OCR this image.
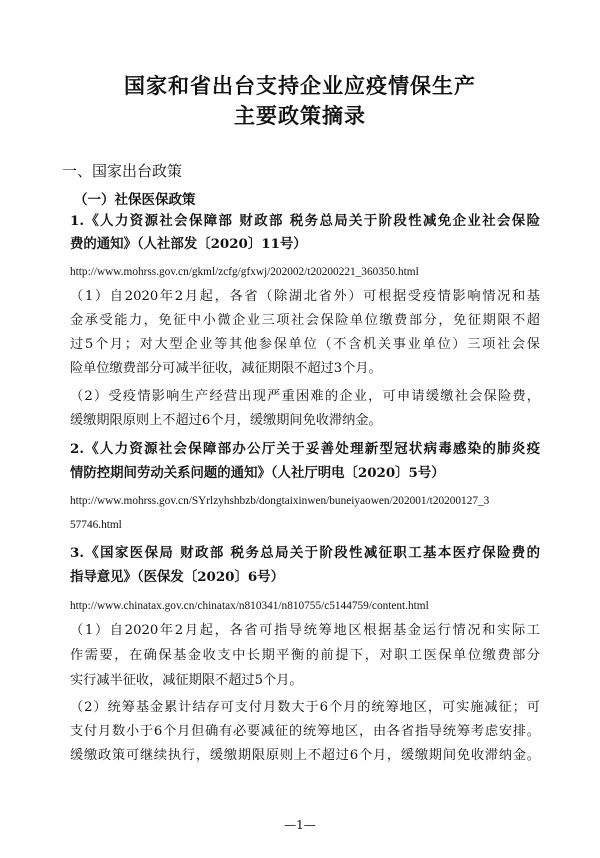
国家和省出台支持企业应疫情保生产
主要政策摘录
一、国家出台政策
（一）社保医保政策
1.《人力资源社会保障部 财政部 税务总局关于阶段性减免企业社会保险
费的通知》（人社部发〔2020〕11号）
http://www.mohrss.gov.cn/gkml/zcfg/gfxwj/202002/t20200221_360350.html
（1）自2020年2月起，各省（除湖北省外）可根据受疫情影响情况和基
金承受能力，免征中小微企业三项社会保险单位缴费部分，免征期限不超
过5个月；对大型企业等其他参保单位（不含机关事业单位）三项社会保
险单位缴费部分可减半征收，减征期限不超过3个月。
（2）受疫情影响生产经营出现严重困难的企业，可申请缓缴社会保险费，
缓缴期限原则上不超过6个月，缓缴期间免收滞纳金。
2.《人力资源社会保障部办公厅关于妥善处理新型冠状病毒感染的肺炎疫
情防控期间劳动关系问题的通知》（人社厅明电〔2020〕5号）
http://www.mohrss.gov.cn/SYrlzyhshbzb/dongtaixinwen/buneiyaowen/202001/t20200127_3
57746.html
3.《国家医保局 财政部 税务总局关于阶段性减征职工基本医疗保险费的
指导意见》（医保发〔2020〕6号）
http://www.chinatax.gov.cn/chinatax/n810341/n810755/c5144759/content.html
（1）自2020年2月起，各省可指导统筹地区根据基金运行情况和实际工
作需要，在确保基金收支中长期平衡的前提下，对职工医保单位缴费部分
实行减半征收，减征期限不超过5个月。
（2）统筹基金累计结存可支付月数大于6个月的统筹地区，可实施减征；可
支付月数小于6个月但确有必要减征的统筹地区，由各省指导统筹考虑安排。
缓缴政策可继续执行，缓缴期限原则上不超过6个月，缓缴期间免收滞纳金。
—1—
